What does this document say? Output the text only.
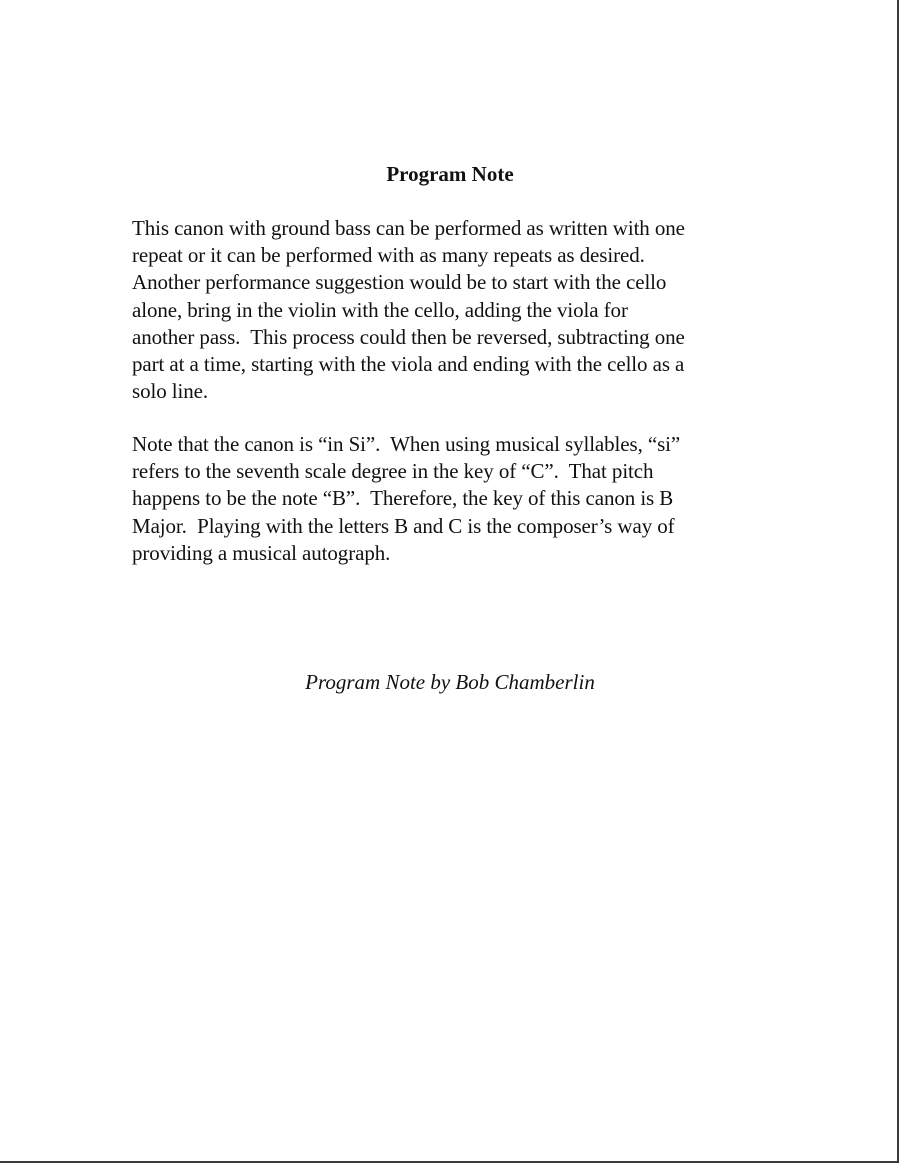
Program Note

This canon with ground bass can be performed as written with one
repeat or it can be performed with as many repeats as desired.
Another performance suggestion would be to start with the cello
alone, bring in the violin with the cello, adding the viola for
another pass.  This process could then be reversed, subtracting one
part at a time, starting with the viola and ending with the cello as a
solo line.

Note that the canon is “in Si”.  When using musical syllables, “si”
refers to the seventh scale degree in the key of “C”.  That pitch
happens to be the note “B”.  Therefore, the key of this canon is B
Major.  Playing with the letters B and C is the composer’s way of
providing a musical autograph.

Program Note by Bob Chamberlin
